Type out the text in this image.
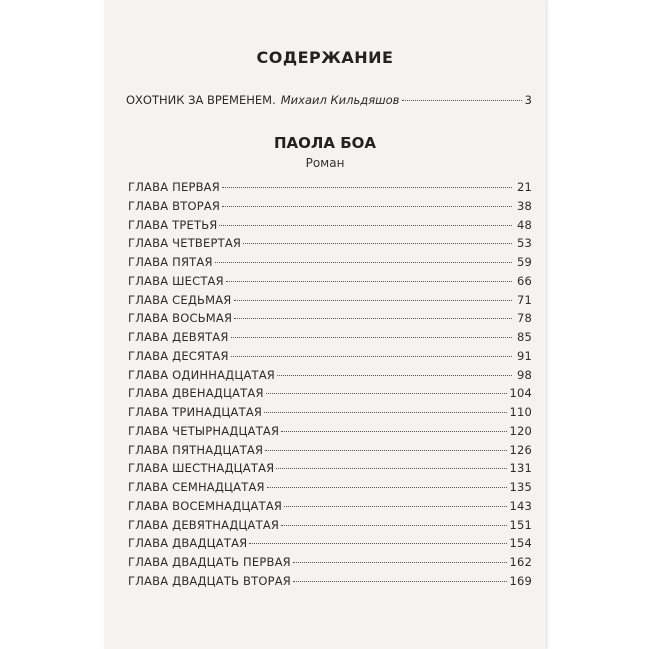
СОДЕРЖАНИЕ
ОХОТНИК ЗА ВРЕМЕНЕМ. Михаил Кильдяшов	3
ПАОЛА БОА
Роман
ГЛАВА ПЕРВАЯ	21
ГЛАВА ВТОРАЯ	38
ГЛАВА ТРЕТЬЯ	48
ГЛАВА ЧЕТВЕРТАЯ	53
ГЛАВА ПЯТАЯ	59
ГЛАВА ШЕСТАЯ	66
ГЛАВА СЕДЬМАЯ	71
ГЛАВА ВОСЬМАЯ	78
ГЛАВА ДЕВЯТАЯ	85
ГЛАВА ДЕСЯТАЯ	91
ГЛАВА ОДИННАДЦАТАЯ	98
ГЛАВА ДВЕНАДЦАТАЯ	104
ГЛАВА ТРИНАДЦАТАЯ	110
ГЛАВА ЧЕТЫРНАДЦАТАЯ	120
ГЛАВА ПЯТНАДЦАТАЯ	126
ГЛАВА ШЕСТНАДЦАТАЯ	131
ГЛАВА СЕМНАДЦАТАЯ	135
ГЛАВА ВОСЕМНАДЦАТАЯ	143
ГЛАВА ДЕВЯТНАДЦАТАЯ	151
ГЛАВА ДВАДЦАТАЯ	154
ГЛАВА ДВАДЦАТЬ ПЕРВАЯ	162
ГЛАВА ДВАДЦАТЬ ВТОРАЯ	169
